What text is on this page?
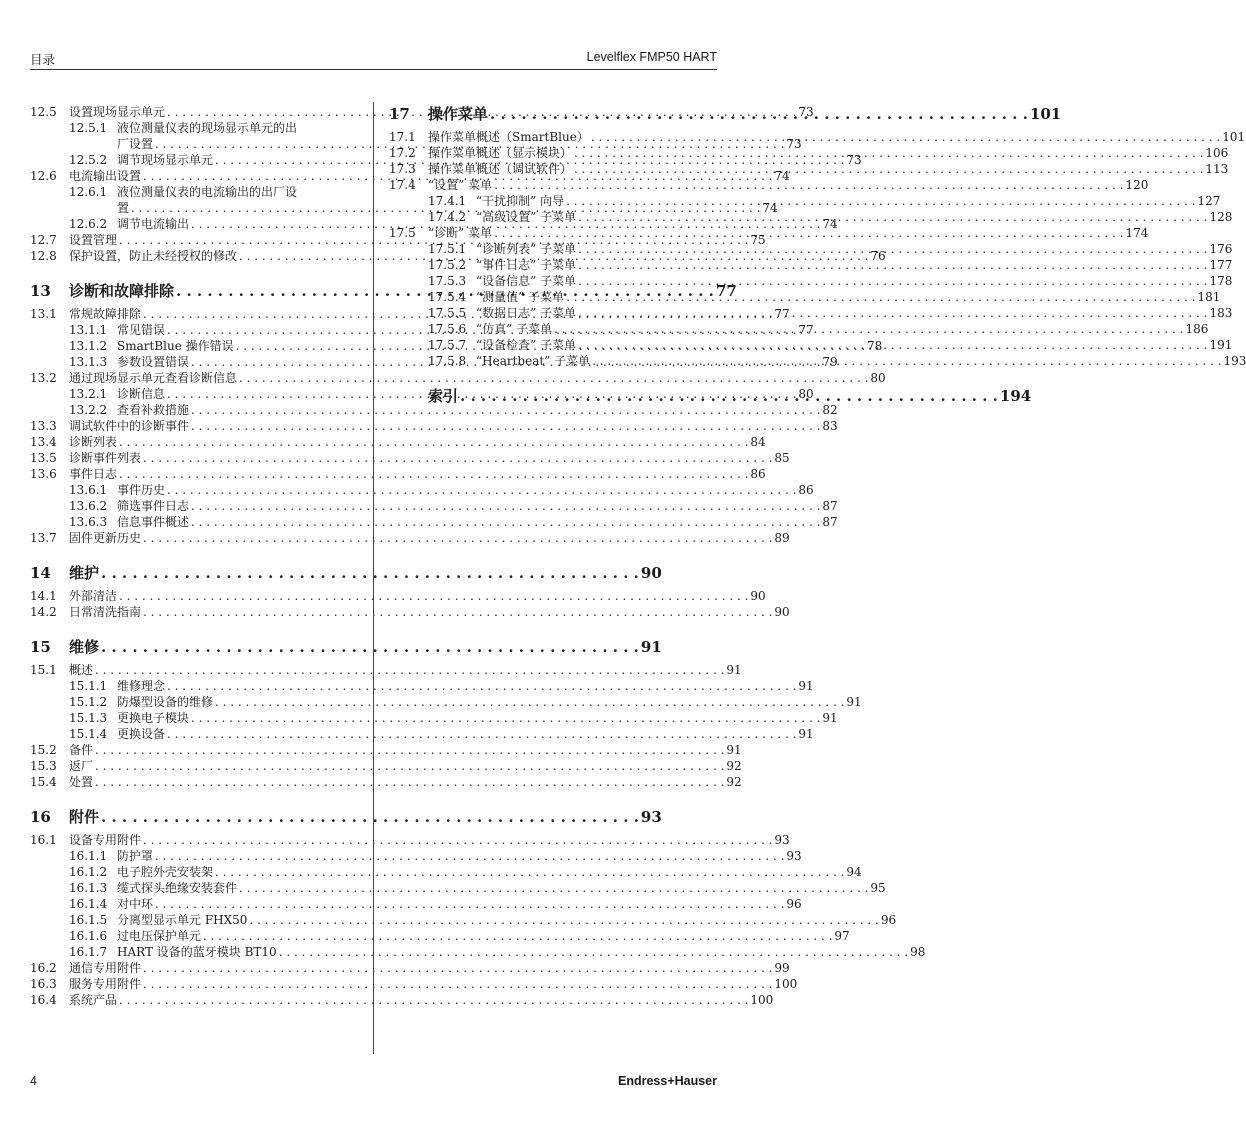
目录	Levelflex FMP50 HART
12.5	设置现场显示单元 . . .	73
12.5.1 液位测量仪表的现场显示单元的出
厂设置 . . .	73
12.5.2 调节现场显示单元 . . .	73
12.6	电流输出设置 . . .	74
12.6.1 液位测量仪表的电流输出的出厂设
置 . . .	74
12.6.2 调节电流输出 . . .	74
12.7	设置管理 . . .	75
12.8	保护设置，防止未经授权的修改 . . .	76
13	诊断和故障排除 . . .	77
13.1	常规故障排除 . . .	77
13.1.1 常见错误 . . .	77
13.1.2 SmartBlue 操作错误 . . .	78
13.1.3 参数设置错误 . . .	79
13.2	通过现场显示单元查看诊断信息 . . .	80
13.2.1 诊断信息 . . .	80
13.2.2 查看补救措施 . . .	82
13.3	调试软件中的诊断事件 . . .	83
13.4	诊断列表 . . .	84
13.5	诊断事件列表 . . .	85
13.6	事件日志 . . .	86
13.6.1 事件历史 . . .	86
13.6.2 筛选事件日志 . . .	87
13.6.3 信息事件概述 . . .	87
13.7	固件更新历史 . . .	89
14	维护 . . .	90
14.1	外部清洁 . . .	90
14.2	日常清洗指南 . . .	90
15	维修 . . .	91
15.1	概述 . . .	91
15.1.1 维修理念 . . .	91
15.1.2 防爆型设备的维修 . . .	91
15.1.3 更换电子模块 . . .	91
15.1.4 更换设备 . . .	91
15.2	备件 . . .	91
15.3	返厂 . . .	92
15.4	处置 . . .	92
16	附件 . . .	93
16.1	设备专用附件 . . .	93
16.1.1 防护罩 . . .	93
16.1.2 电子腔外壳安装架 . . .	94
16.1.3 缆式探头绝缘安装套件 . . .	95
16.1.4 对中环 . . .	96
16.1.5 分离型显示单元 FHX50 . . .	96
16.1.6 过电压保护单元 . . .	97
16.1.7 HART 设备的蓝牙模块 BT10 . . .	98
16.2	通信专用附件 . . .	99
16.3	服务专用附件 . . .	100
16.4	系统产品 . . .	100
17	操作菜单 . . .	101
17.1	操作菜单概述（SmartBlue） . . .	101
17.2	操作菜单概述（显示模块） . . .	106
17.3	操作菜单概述（调试软件） . . .	113
17.4	“设置” 菜单 . . .	120
17.4.1 “干扰抑制” 向导 . . .	127
17.4.2 “高级设置” 子菜单 . . .	128
17.5	“诊断” 菜单 . . .	174
17.5.1 “诊断列表” 子菜单 . . .	176
17.5.2 “事件日志” 子菜单 . . .	177
17.5.3 “设备信息” 子菜单 . . .	178
17.5.4 “测量值” 子菜单 . . .	181
17.5.5 “数据日志” 子菜单 . . .	183
17.5.6 “仿真” 子菜单 . . .	186
17.5.7 “设备检查” 子菜单 . . .	191
17.5.8 “Heartbeat” 子菜单 . . .	193
索引 . . .	194
4	Endress+Hauser
